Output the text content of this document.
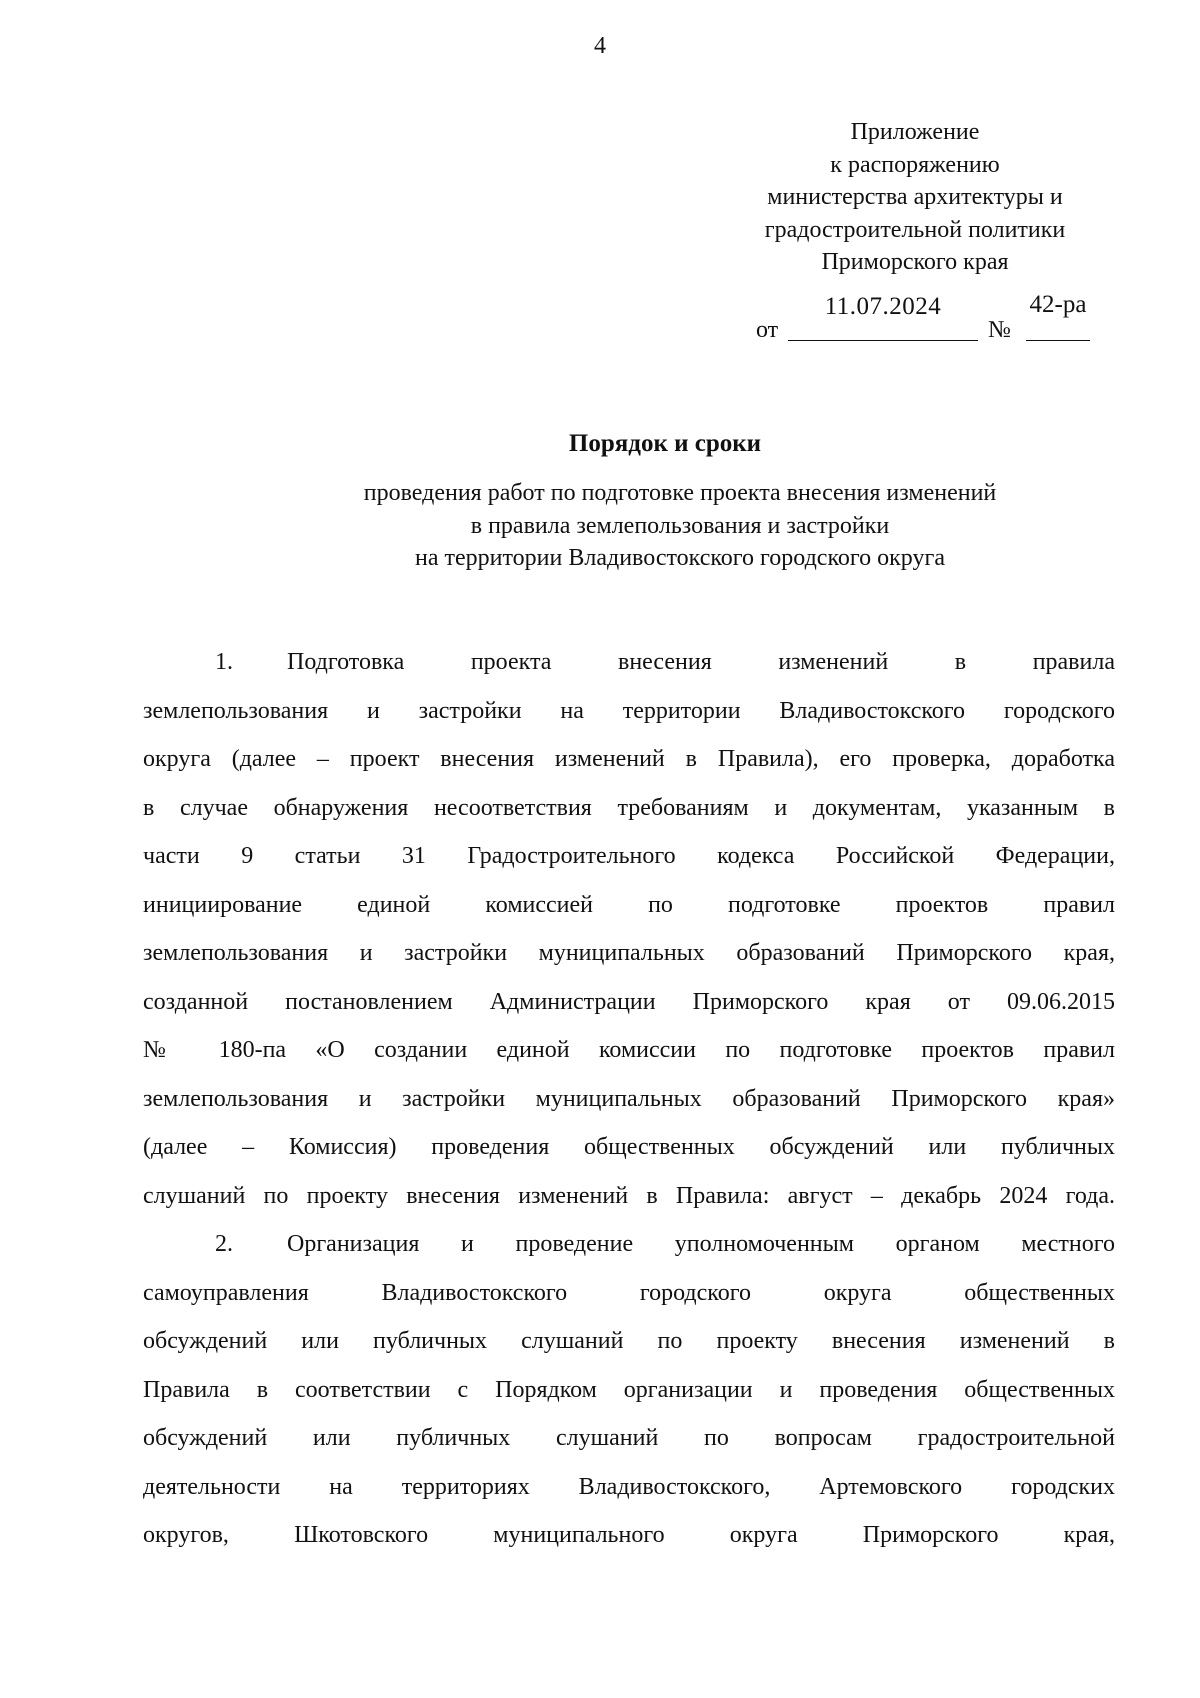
4
Приложение
к распоряжению
министерства архитектуры и
градостроительной политики
Приморского края
от
11.07.2024
№
42-ра
Порядок и сроки
проведения работ по подготовке проекта внесения изменений
в правила землепользования и застройки
на территории Владивостокского городского округа
1. Подготовка проекта внесения изменений в правила
землепользования и застройки на территории Владивостокского городского
округа (далее – проект внесения изменений в Правила), его проверка, доработка
в случае обнаружения несоответствия требованиям и документам, указанным в
части 9 статьи 31 Градостроительного кодекса Российской Федерации,
инициирование единой комиссией по подготовке проектов правил
землепользования и застройки муниципальных образований Приморского края,
созданной постановлением Администрации Приморского края от 09.06.2015
№ 180-па «О создании единой комиссии по подготовке проектов правил
землепользования и застройки муниципальных образований Приморского края»
(далее – Комиссия) проведения общественных обсуждений или публичных
слушаний по проекту внесения изменений в Правила: август – декабрь 2024 года.
2. Организация и проведение уполномоченным органом местного
самоуправления Владивостокского городского округа общественных
обсуждений или публичных слушаний по проекту внесения изменений в
Правила в соответствии с Порядком организации и проведения общественных
обсуждений или публичных слушаний по вопросам градостроительной
деятельности на территориях Владивостокского, Артемовского городских
округов, Шкотовского муниципального округа Приморского края,
